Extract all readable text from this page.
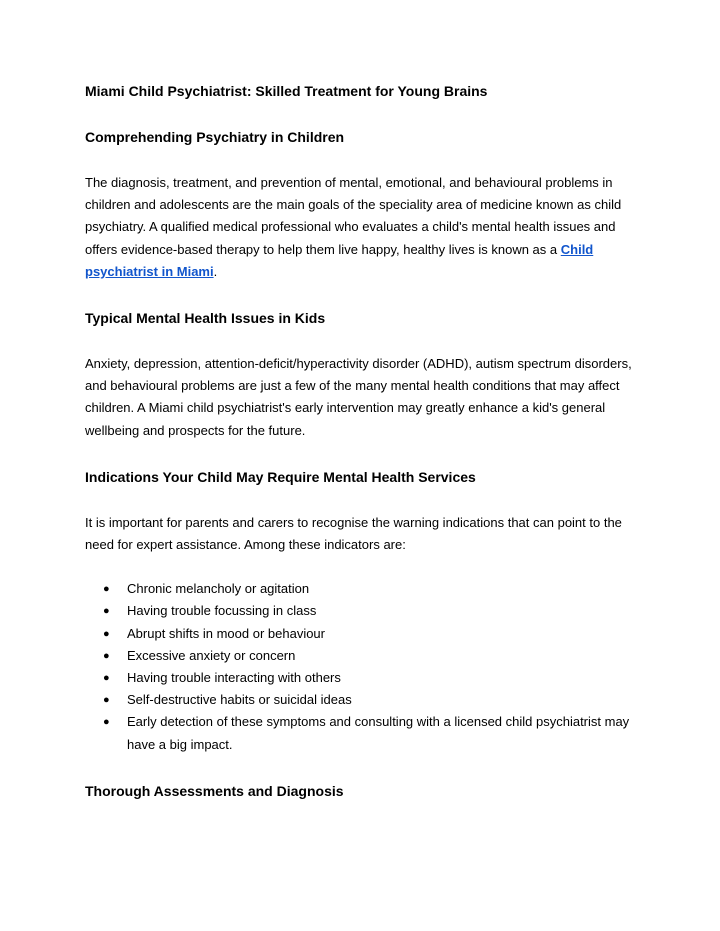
Miami Child Psychiatrist: Skilled Treatment for Young Brains
Comprehending Psychiatry in Children

The diagnosis, treatment, and prevention of mental, emotional, and behavioural problems in children and adolescents are the main goals of the speciality area of medicine known as child psychiatry. A qualified medical professional who evaluates a child's mental health issues and offers evidence-based therapy to help them live happy, healthy lives is known as a Child psychiatrist in Miami.

Typical Mental Health Issues in Kids

Anxiety, depression, attention-deficit/hyperactivity disorder (ADHD), autism spectrum disorders, and behavioural problems are just a few of the many mental health conditions that may affect children. A Miami child psychiatrist's early intervention may greatly enhance a kid's general wellbeing and prospects for the future.

Indications Your Child May Require Mental Health Services

It is important for parents and carers to recognise the warning indications that can point to the need for expert assistance. Among these indicators are:

● Chronic melancholy or agitation
● Having trouble focussing in class
● Abrupt shifts in mood or behaviour
● Excessive anxiety or concern
● Having trouble interacting with others
● Self-destructive habits or suicidal ideas
● Early detection of these symptoms and consulting with a licensed child psychiatrist may have a big impact.
Thorough Assessments and Diagnosis
